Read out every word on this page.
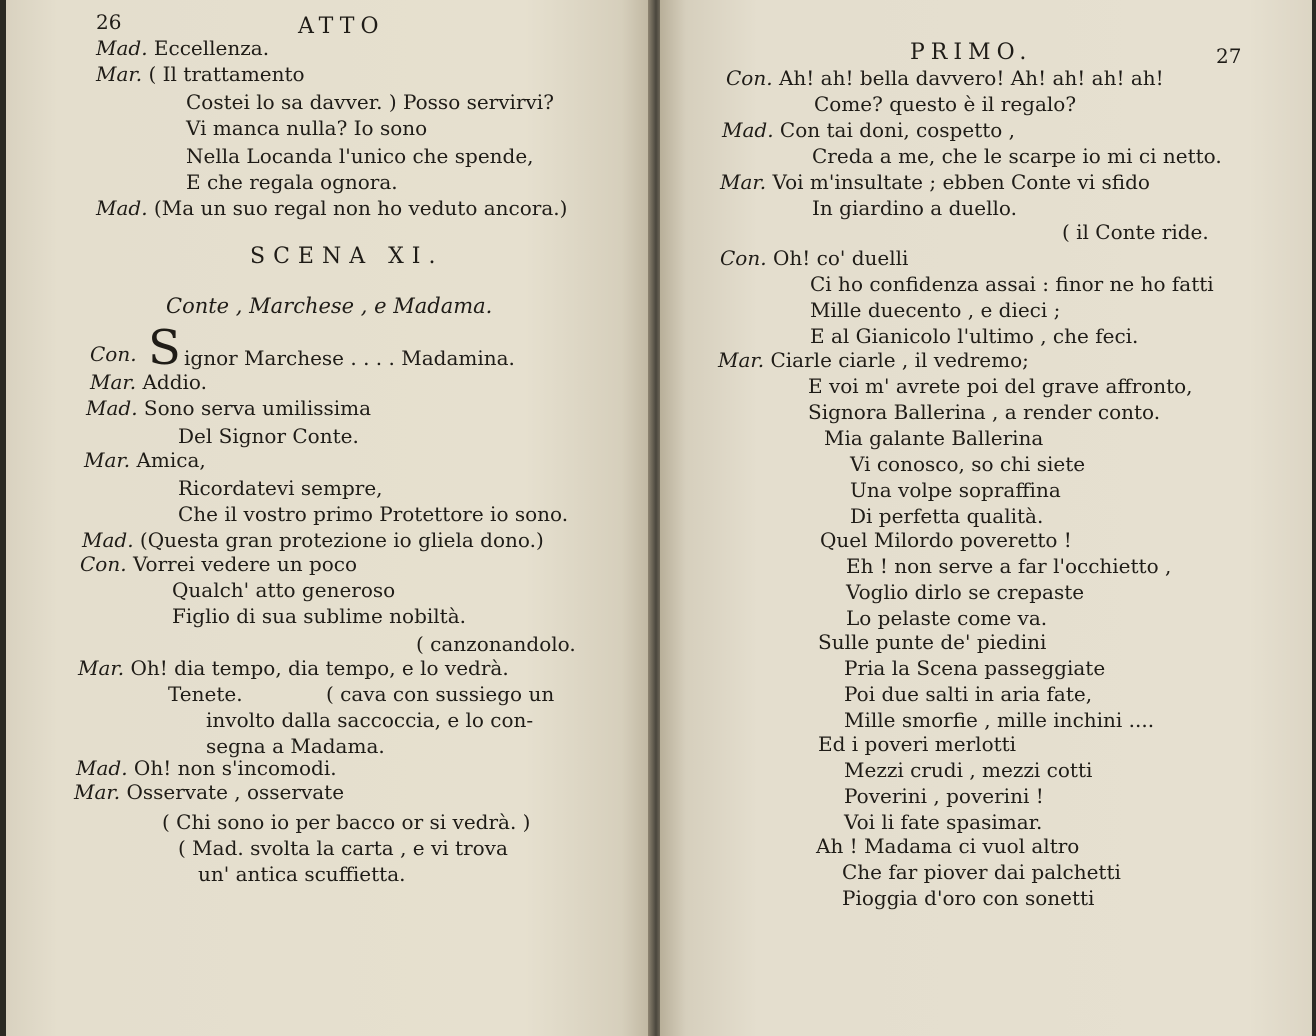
26	ATTO
Mad. Eccellenza.
Mar. ( Il trattamento
Costei lo sa davver. ) Posso servirvi?
Vi manca nulla? Io sono
Nella Locanda l'unico che spende,
E che regala ognora.
Mad. (Ma un suo regal non ho veduto ancora.)
SCENA XI.
Conte , Marchese , e Madama.
Con. S ignor Marchese . . . . Madamina.
Mar. Addio.
Mad. Sono serva umilissima
Del Signor Conte.
Mar. Amica,
Ricordatevi sempre,
Che il vostro primo Protettore io sono.
Mad. (Questa gran protezione io gliela dono.)
Con. Vorrei vedere un poco
Qualch' atto generoso
Figlio di sua sublime nobiltà.
( canzonandolo.
Mar. Oh! dia tempo, dia tempo, e lo vedrà.
Tenete.	( cava con sussiego un
involto dalla saccoccia, e lo con-
segna a Madama.
Mad. Oh! non s'incomodi.
Mar. Osservate , osservate
( Chi sono io per bacco or si vedrà. )
( Mad. svolta la carta , e vi trova
un' antica scuffietta.
PRIMO.	27
Con. Ah! ah! bella davvero! Ah! ah! ah! ah!
Come? questo è il regalo?
Mad. Con tai doni, cospetto ,
Creda a me, che le scarpe io mi ci netto.
Mar. Voi m'insultate ; ebben Conte vi sfido
In giardino a duello.
( il Conte ride.
Con. Oh! co' duelli
Ci ho confidenza assai : finor ne ho fatti
Mille duecento , e dieci ;
E al Gianicolo l'ultimo , che feci.
Mar. Ciarle ciarle , il vedremo;
E voi m' avrete poi del grave affronto,
Signora Ballerina , a render conto.
Mia galante Ballerina
Vi conosco, so chi siete
Una volpe sopraffina
Di perfetta qualità.
Quel Milordo poveretto !
Eh ! non serve a far l'occhietto ,
Voglio dirlo se crepaste
Lo pelaste come va.
Sulle punte de' piedini
Pria la Scena passeggiate
Poi due salti in aria fate,
Mille smorfie , mille inchini ....
Ed i poveri merlotti
Mezzi crudi , mezzi cotti
Poverini , poverini !
Voi li fate spasimar.
Ah ! Madama ci vuol altro
Che far piover dai palchetti
Pioggia d'oro con sonetti
